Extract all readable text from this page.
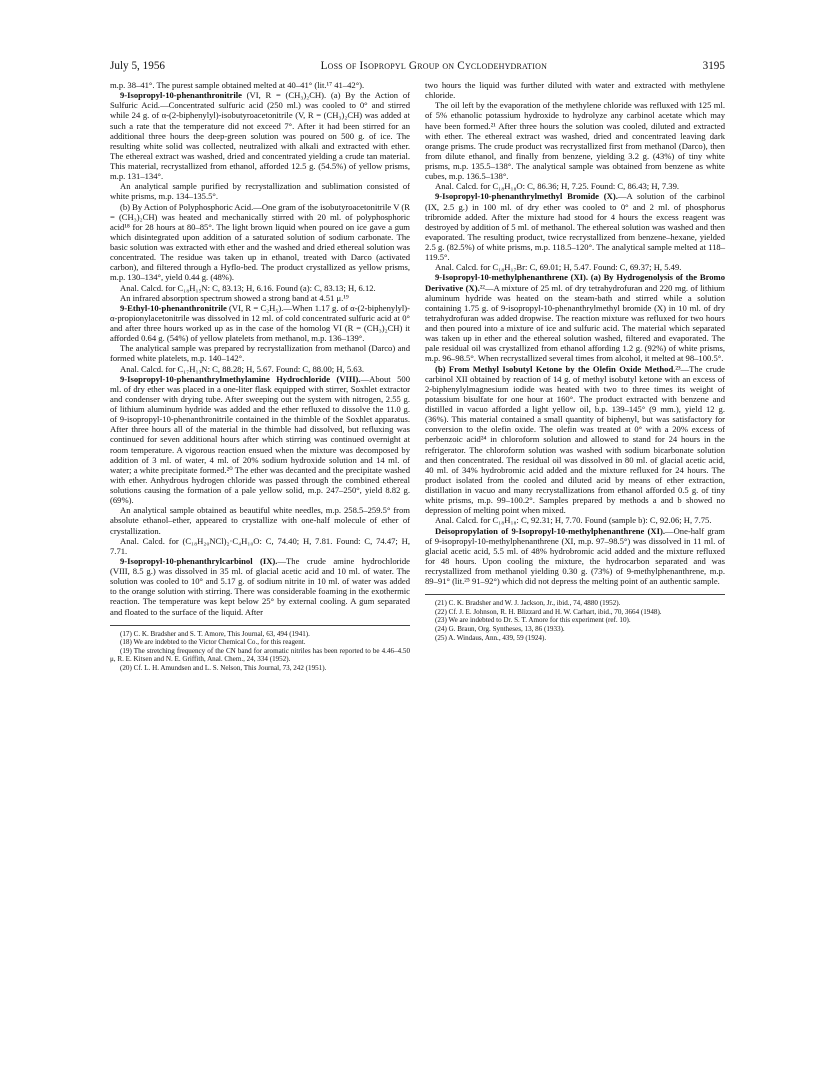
July 5, 1956	Loss of Isopropyl Group on Cyclodehydration	3195

m.p. 38–41°. The purest sample obtained melted at 40–41° (lit.¹⁷ 41–42°).

9-Isopropyl-10-phenanthronitrile (VI, R = (CH₃)₂CH). (a) By the Action of Sulfuric Acid.—Concentrated sulfuric acid (250 ml.) was cooled to 0° and stirred while 24 g. of α-(2-biphenylyl)-isobutyroacetonitrile (V, R = (CH₃)₂CH) was added at such a rate that the temperature did not exceed 7°. After it had been stirred for an additional three hours the deep-green solution was poured on 500 g. of ice. The resulting white solid was collected, neutralized with alkali and extracted with ether. The ethereal extract was washed, dried and concentrated yielding a crude tan material. This material, recrystallized from ethanol, afforded 12.5 g. (54.5%) of yellow prisms, m.p. 131–134°.

An analytical sample purified by recrystallization and sublimation consisted of white prisms, m.p. 134–135.5°.

(b) By Action of Polyphosphoric Acid.—One gram of the isobutyroacetonitrile V (R = (CH₃)₂CH) was heated and mechanically stirred with 20 ml. of polyphosphoric acid¹⁸ for 28 hours at 80–85°. The light brown liquid when poured on ice gave a gum which disintegrated upon addition of a saturated solution of sodium carbonate. The basic solution was extracted with ether and the washed and dried ethereal solution was concentrated. The residue was taken up in ethanol, treated with Darco (activated carbon), and filtered through a Hyflo-bed. The product crystallized as yellow prisms, m.p. 130–134°, yield 0.44 g. (48%).

Anal. Calcd. for C₁₈H₁₅N: C, 83.13; H, 6.16. Found (a): C, 83.13; H, 6.12.

An infrared absorption spectrum showed a strong band at 4.51 μ.¹⁹

9-Ethyl-10-phenanthronitrile (VI, R = C₂H₅).—When 1.17 g. of α-(2-biphenylyl)-α-propionylacetonitrile was dissolved in 12 ml. of cold concentrated sulfuric acid at 0° and after three hours worked up as in the case of the homolog VI (R = (CH₃)₂CH) it afforded 0.64 g. (54%) of yellow platelets from methanol, m.p. 136–139°.

The analytical sample was prepared by recrystallization from methanol (Darco) and formed white platelets, m.p. 140–142°.

Anal. Calcd. for C₁₇H₁₃N: C, 88.28; H, 5.67. Found: C, 88.00; H, 5.63.

9-Isopropyl-10-phenanthrylmethylamine Hydrochloride (VIII).—About 500 ml. of dry ether was placed in a one-liter flask equipped with stirrer, Soxhlet extractor and condenser with drying tube. After sweeping out the system with nitrogen, 2.55 g. of lithium aluminum hydride was added and the ether refluxed to dissolve the 11.0 g. of 9-isopropyl-10-phenanthronitrile contained in the thimble of the Soxhlet apparatus. After three hours all of the material in the thimble had dissolved, but refluxing was continued for seven additional hours after which stirring was continued overnight at room temperature. A vigorous reaction ensued when the mixture was decomposed by addition of 3 ml. of water, 4 ml. of 20% sodium hydroxide solution and 14 ml. of water; a white precipitate formed.²⁰ The ether was decanted and the precipitate washed with ether. Anhydrous hydrogen chloride was passed through the combined ethereal solutions causing the formation of a pale yellow solid, m.p. 247–250°, yield 8.82 g. (69%).

An analytical sample obtained as beautiful white needles, m.p. 258.5–259.5° from absolute ethanol–ether, appeared to crystallize with one-half molecule of ether of crystallization.

Anal. Calcd. for (C₁₈H₂₀NCl)₂·C₄H₁₀O: C, 74.40; H, 7.81. Found: C, 74.47; H, 7.71.

9-Isopropyl-10-phenanthrylcarbinol (IX).—The crude amine hydrochloride (VIII, 8.5 g.) was dissolved in 35 ml. of glacial acetic acid and 10 ml. of water. The solution was cooled to 10° and 5.17 g. of sodium nitrite in 10 ml. of water was added to the orange solution with stirring. There was considerable foaming in the exothermic reaction. The temperature was kept below 25° by external cooling. A gum separated and floated to the surface of the liquid. After

(17) C. K. Bradsher and S. T. Amore, This Journal, 63, 494 (1941).

(18) We are indebted to the Victor Chemical Co., for this reagent.

(19) The stretching frequency of the CN band for aromatic nitriles has been reported to be 4.46–4.50 μ, R. E. Kitsen and N. E. Griffith, Anal. Chem., 24, 334 (1952).

(20) Cf. L. H. Amundsen and L. S. Nelson, This Journal, 73, 242 (1951).

two hours the liquid was further diluted with water and extracted with methylene chloride.

The oil left by the evaporation of the methylene chloride was refluxed with 125 ml. of 5% ethanolic potassium hydroxide to hydrolyze any carbinol acetate which may have been formed.²¹ After three hours the solution was cooled, diluted and extracted with ether. The ethereal extract was washed, dried and concentrated leaving dark orange prisms. The crude product was recrystallized first from methanol (Darco), then from dilute ethanol, and finally from benzene, yielding 3.2 g. (43%) of tiny white prisms, m.p. 135.5–138°. The analytical sample was obtained from benzene as white cubes, m.p. 136.5–138°.

Anal. Calcd. for C₁₈H₁₈O: C, 86.36; H, 7.25. Found: C, 86.43; H, 7.39.

9-Isopropyl-10-phenanthrylmethyl Bromide (X).—A solution of the carbinol (IX, 2.5 g.) in 100 ml. of dry ether was cooled to 0° and 2 ml. of phosphorus tribromide added. After the mixture had stood for 4 hours the excess reagent was destroyed by addition of 5 ml. of methanol. The ethereal solution was washed and then evaporated. The resulting product, twice recrystallized from benzene–hexane, yielded 2.5 g. (82.5%) of white prisms, m.p. 118.5–120°. The analytical sample melted at 118–119.5°.

Anal. Calcd. for C₁₈H₁₇Br: C, 69.01; H, 5.47. Found: C, 69.37; H, 5.49.

9-Isopropyl-10-methylphenanthrene (XI). (a) By Hydrogenolysis of the Bromo Derivative (X).²²—A mixture of 25 ml. of dry tetrahydrofuran and 220 mg. of lithium aluminum hydride was heated on the steam-bath and stirred while a solution containing 1.75 g. of 9-isopropyl-10-phenanthrylmethyl bromide (X) in 10 ml. of dry tetrahydrofuran was added dropwise. The reaction mixture was refluxed for two hours and then poured into a mixture of ice and sulfuric acid. The material which separated was taken up in ether and the ethereal solution washed, filtered and evaporated. The pale residual oil was crystallized from ethanol affording 1.2 g. (92%) of white prisms, m.p. 96–98.5°. When recrystallized several times from alcohol, it melted at 98–100.5°.

(b) From Methyl Isobutyl Ketone by the Olefin Oxide Method.²³—The crude carbinol XII obtained by reaction of 14 g. of methyl isobutyl ketone with an excess of 2-biphenylylmagnesium iodide was heated with two to three times its weight of potassium bisulfate for one hour at 160°. The product extracted with benzene and distilled in vacuo afforded a light yellow oil, b.p. 139–145° (9 mm.), yield 12 g. (36%). This material contained a small quantity of biphenyl, but was satisfactory for conversion to the olefin oxide. The olefin was treated at 0° with a 20% excess of perbenzoic acid²⁴ in chloroform solution and allowed to stand for 24 hours in the refrigerator. The chloroform solution was washed with sodium bicarbonate solution and then concentrated. The residual oil was dissolved in 80 ml. of glacial acetic acid, 40 ml. of 34% hydrobromic acid added and the mixture refluxed for 24 hours. The product isolated from the cooled and diluted acid by means of ether extraction, distillation in vacuo and many recrystallizations from ethanol afforded 0.5 g. of tiny white prisms, m.p. 99–100.2°. Samples prepared by methods a and b showed no depression of melting point when mixed.

Anal. Calcd. for C₁₈H₁₈: C, 92.31; H, 7.70. Found (sample b): C, 92.06; H, 7.75.

Deisopropylation of 9-Isopropyl-10-methylphenanthrene (XI).—One-half gram of 9-isopropyl-10-methylphenanthrene (XI, m.p. 97–98.5°) was dissolved in 11 ml. of glacial acetic acid, 5.5 ml. of 48% hydrobromic acid added and the mixture refluxed for 48 hours. Upon cooling the mixture, the hydrocarbon separated and was recrystallized from methanol yielding 0.30 g. (73%) of 9-methylphenanthrene, m.p. 89–91° (lit.²⁵ 91–92°) which did not depress the melting point of an authentic sample.

(21) C. K. Bradsher and W. J. Jackson, Jr., ibid., 74, 4880 (1952).

(22) Cf. J. E. Johnson, R. H. Blizzard and H. W. Carhart, ibid., 70, 3664 (1948).

(23) We are indebted to Dr. S. T. Amore for this experiment (ref. 10).

(24) G. Braun, Org. Syntheses, 13, 86 (1933).

(25) A. Windaus, Ann., 439, 59 (1924).
